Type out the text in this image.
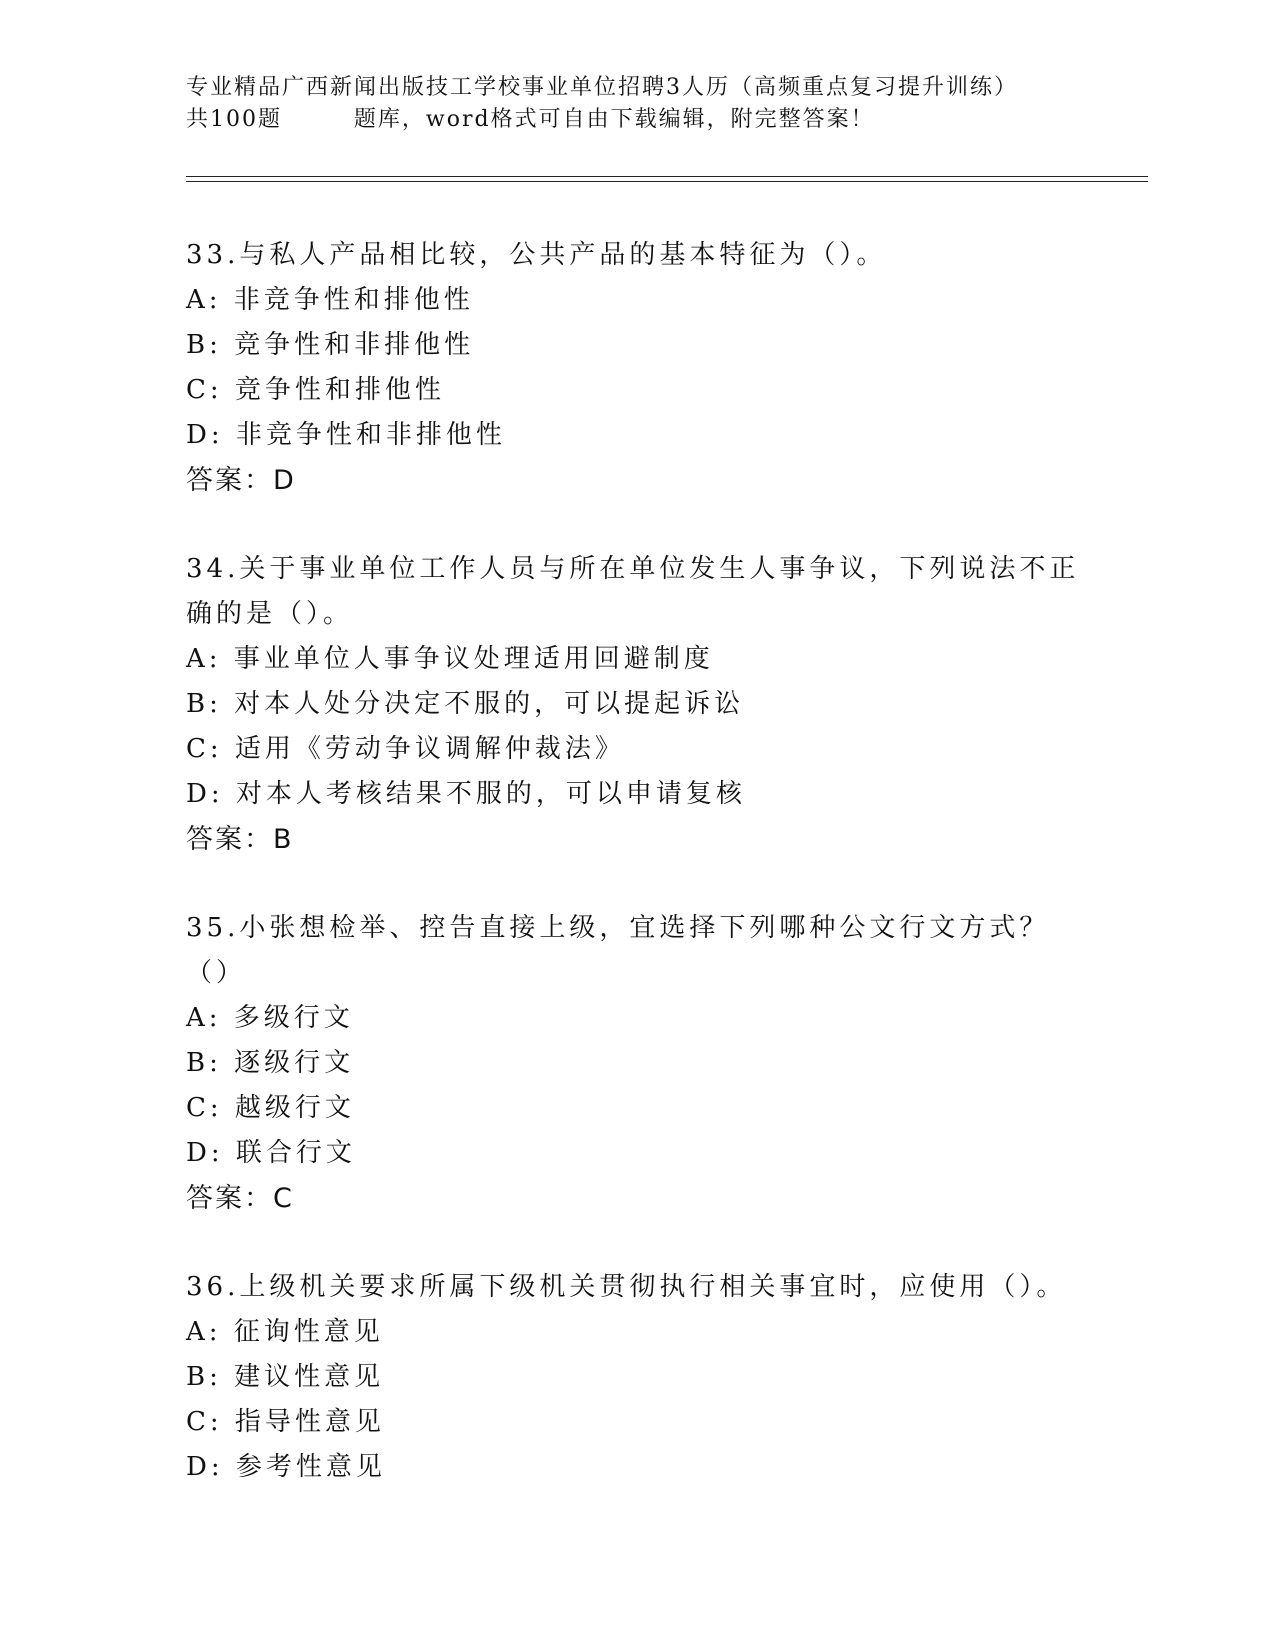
专业精品广西新闻出版技工学校事业单位招聘3人历（高频重点复习提升训练）
共100题        题库，word格式可自由下载编辑，附完整答案！

33.与私人产品相比较，公共产品的基本特征为（）。

A: 非竞争性和排他性

B: 竞争性和非排他性

C: 竞争性和排他性

D: 非竞争性和非排他性

答案：D

34.关于事业单位工作人员与所在单位发生人事争议，下列说法不正确的是（）。

A: 事业单位人事争议处理适用回避制度

B: 对本人处分决定不服的，可以提起诉讼

C: 适用《劳动争议调解仲裁法》

D: 对本人考核结果不服的，可以申请复核

答案：B

35.小张想检举、控告直接上级，宜选择下列哪种公文行文方式？（）

A: 多级行文

B: 逐级行文

C: 越级行文

D: 联合行文

答案：C

36.上级机关要求所属下级机关贯彻执行相关事宜时，应使用（）。

A: 征询性意见

B: 建议性意见

C: 指导性意见

D: 参考性意见
